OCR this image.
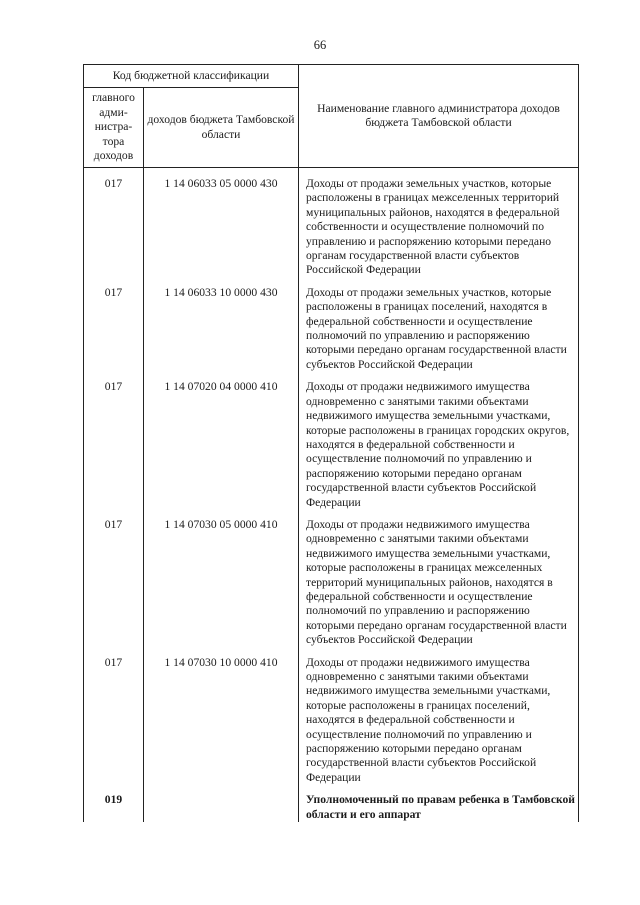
66
Код бюджетной классификации		Наименование главного администратора доходов бюджета Тамбовской области
главного адми-нистра-тора доходов	доходов бюджета Тамбовской области	

017	1 14 06033 05 0000 430	Доходы от продажи земельных участков, которые расположены в границах межселенных территорий муниципальных районов, находятся в федеральной собственности и осуществление полномочий по управлению и распоряжению которыми передано органам государственной власти субъектов Российской Федерации

017	1 14 06033 10 0000 430	Доходы от продажи земельных участков, которые расположены в границах поселений, находятся в федеральной собственности и осуществление полномочий по управлению и распоряжению которыми передано органам государственной власти субъектов Российской Федерации

017	1 14 07020 04 0000 410	Доходы от продажи недвижимого имущества одновременно с занятыми такими объектами недвижимого имущества земельными участками, которые расположены в границах городских округов, находятся в федеральной собственности и осуществление полномочий по управлению и распоряжению которыми передано органам государственной власти субъектов Российской Федерации

017	1 14 07030 05 0000 410	Доходы от продажи недвижимого имущества одновременно с занятыми такими объектами недвижимого имущества земельными участками, которые расположены в границах межселенных территорий муниципальных районов, находятся в федеральной собственности и осуществление полномочий по управлению и распоряжению которыми передано органам государственной власти субъектов Российской Федерации

017	1 14 07030 10 0000 410	Доходы от продажи недвижимого имущества одновременно с занятыми такими объектами недвижимого имущества земельными участками, которые расположены в границах поселений, находятся в федеральной собственности и осуществление полномочий по управлению и распоряжению которыми передано органам государственной власти субъектов Российской Федерации

019		Уполномоченный по правам ребенка в Тамбовской области и его аппарат
